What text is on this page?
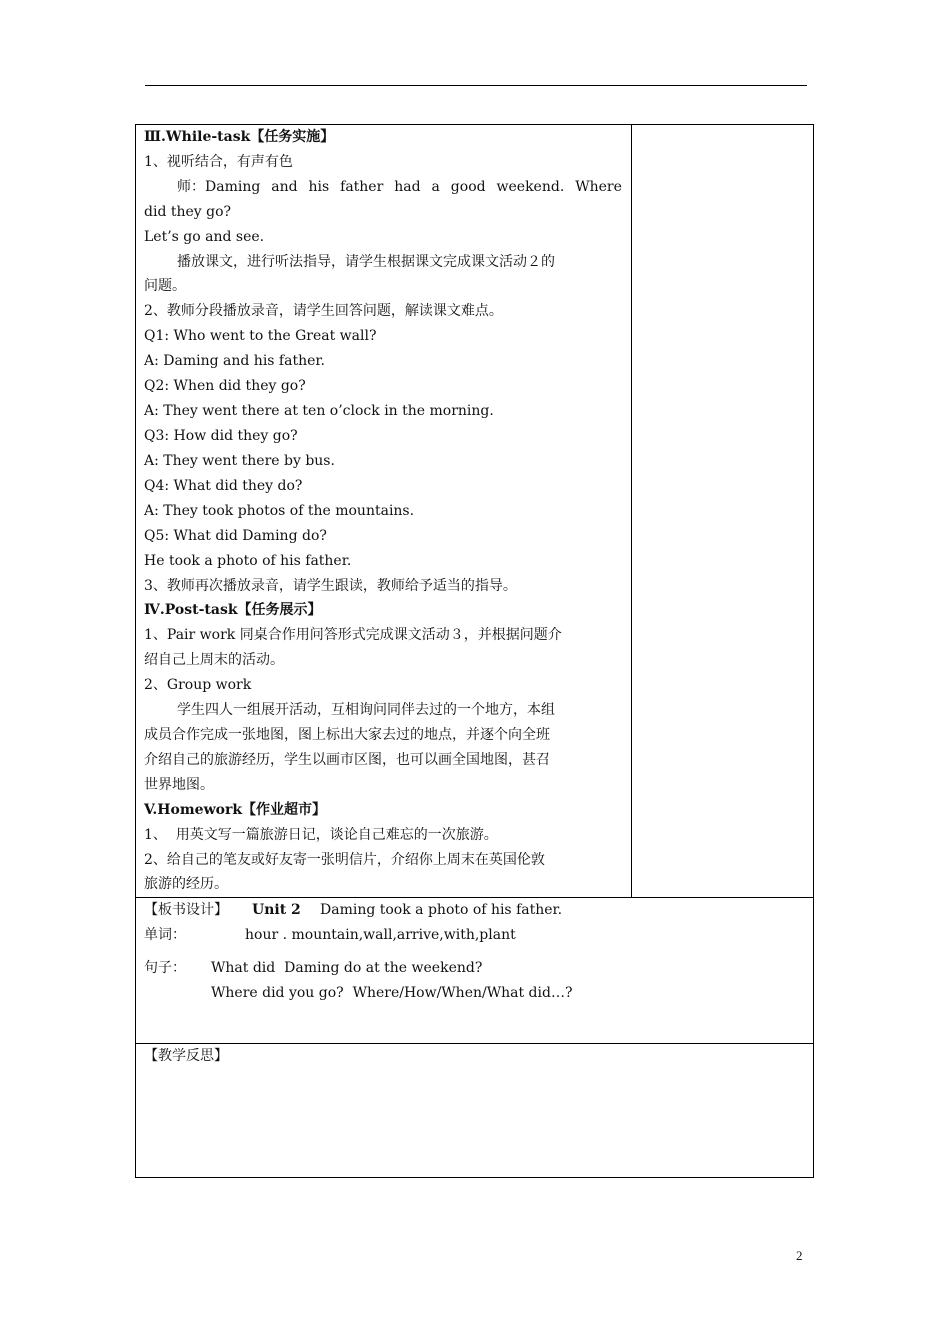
Ⅲ.While-task【任务实施】
1、视听结合，有声有色
师：Daming and his father had a good weekend. Where
did they go?
Let’s go and see.
播放课文，进行听法指导，请学生根据课文完成课文活动２的
问题。
2、教师分段播放录音，请学生回答问题，解读课文难点。
Q1: Who went to the Great wall?
A: Daming and his father.
Q2: When did they go?
A: They went there at ten o’clock in the morning.
Q3: How did they go?
A: They went there by bus.
Q4: What did they do?
A: They took photos of the mountains.
Q5: What did Daming do?
He took a photo of his father.
3、教师再次播放录音，请学生跟读，教师给予适当的指导。
Ⅳ.Post-task【任务展示】
1、Pair work 同桌合作用问答形式完成课文活动３，并根据问题介
绍自己上周末的活动。
2、Group work
学生四人一组展开活动，互相询问同伴去过的一个地方，本组
成员合作完成一张地图，图上标出大家去过的地点，并逐个向全班
介绍自己的旅游经历，学生以画市区图，也可以画全国地图，甚召
世界地图。
V.Homework【作业超市】
1、  用英文写一篇旅游日记，谈论自己难忘的一次旅游。
2、给自己的笔友或好友寄一张明信片，介绍你上周末在英国伦敦
旅游的经历。
【板书设计】 Unit 2 Daming took a photo of his father.
单词：	hour . mountain,wall,arrive,with,plant
句子： What did  Daming do at the weekend?
Where did you go?  Where/How/When/What did…?
【教学反思】
2
